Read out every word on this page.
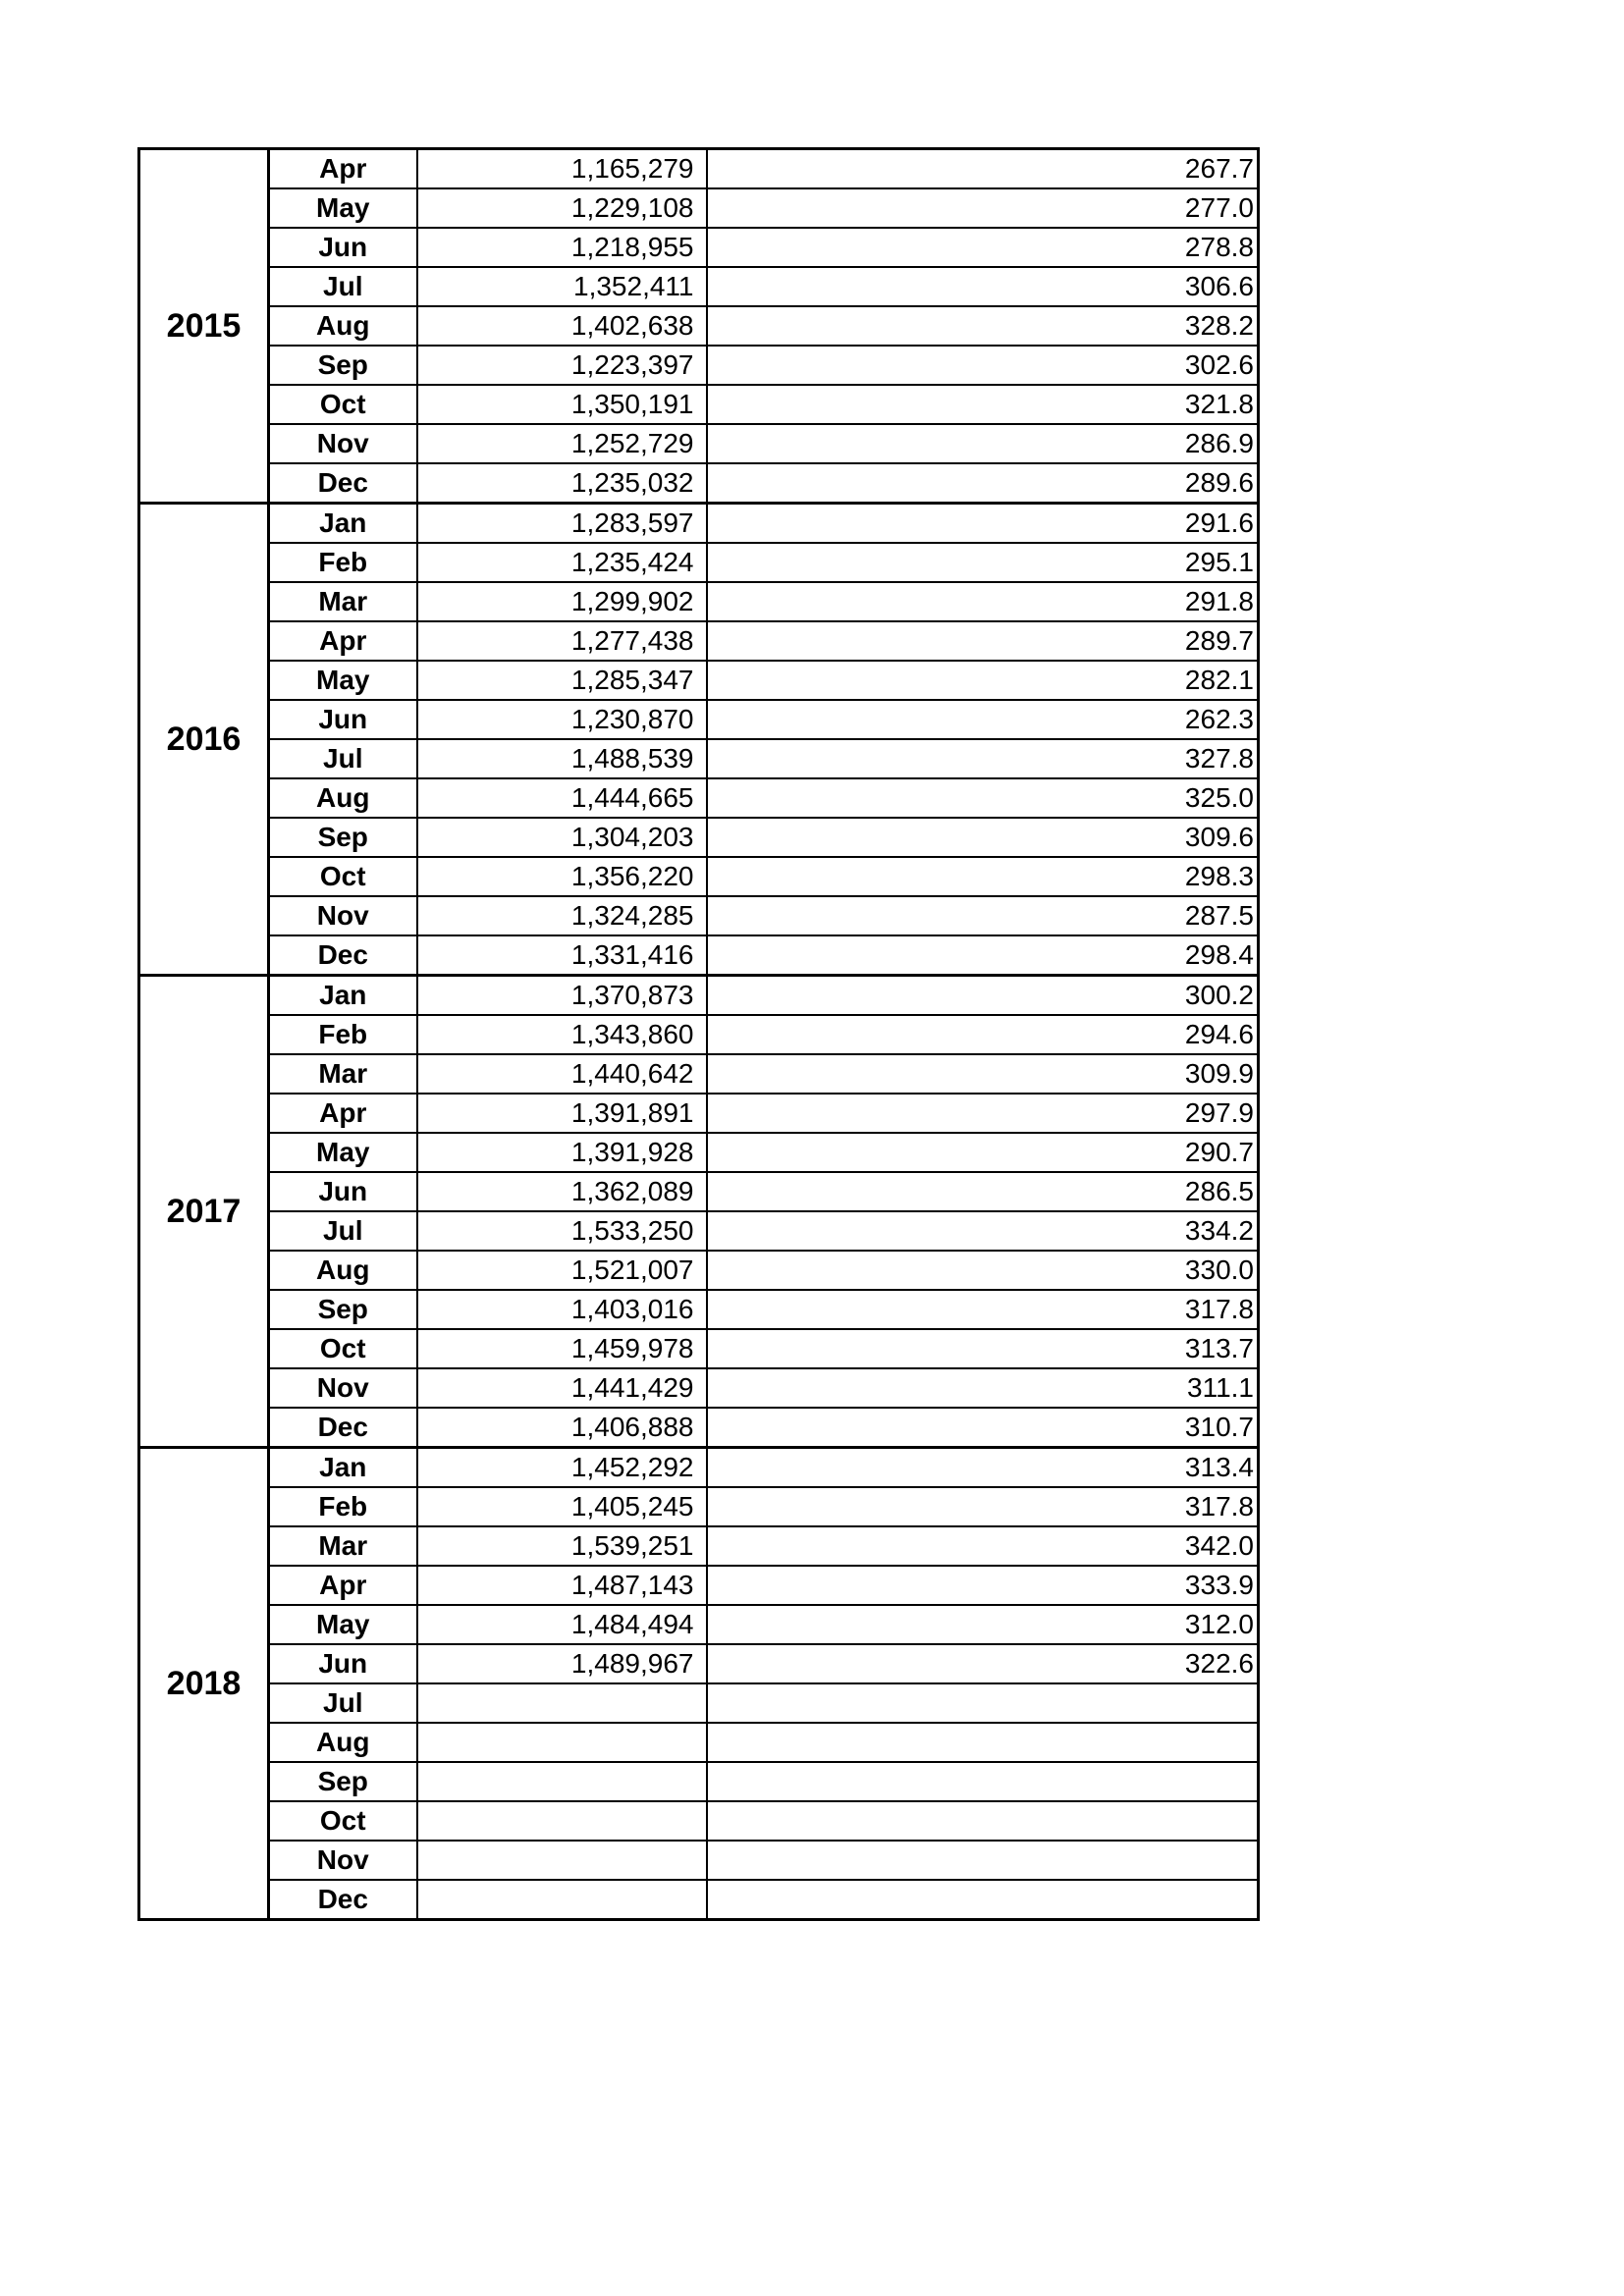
2015	Apr	1,165,279	267.7
	May	1,229,108	277.0
	Jun	1,218,955	278.8
	Jul	1,352,411	306.6
	Aug	1,402,638	328.2
	Sep	1,223,397	302.6
	Oct	1,350,191	321.8
	Nov	1,252,729	286.9
	Dec	1,235,032	289.6
2016	Jan	1,283,597	291.6
	Feb	1,235,424	295.1
	Mar	1,299,902	291.8
	Apr	1,277,438	289.7
	May	1,285,347	282.1
	Jun	1,230,870	262.3
	Jul	1,488,539	327.8
	Aug	1,444,665	325.0
	Sep	1,304,203	309.6
	Oct	1,356,220	298.3
	Nov	1,324,285	287.5
	Dec	1,331,416	298.4
2017	Jan	1,370,873	300.2
	Feb	1,343,860	294.6
	Mar	1,440,642	309.9
	Apr	1,391,891	297.9
	May	1,391,928	290.7
	Jun	1,362,089	286.5
	Jul	1,533,250	334.2
	Aug	1,521,007	330.0
	Sep	1,403,016	317.8
	Oct	1,459,978	313.7
	Nov	1,441,429	311.1
	Dec	1,406,888	310.7
2018	Jan	1,452,292	313.4
	Feb	1,405,245	317.8
	Mar	1,539,251	342.0
	Apr	1,487,143	333.9
	May	1,484,494	312.0
	Jun	1,489,967	322.6
	Jul		
	Aug		
	Sep		
	Oct		
	Nov		
	Dec		
